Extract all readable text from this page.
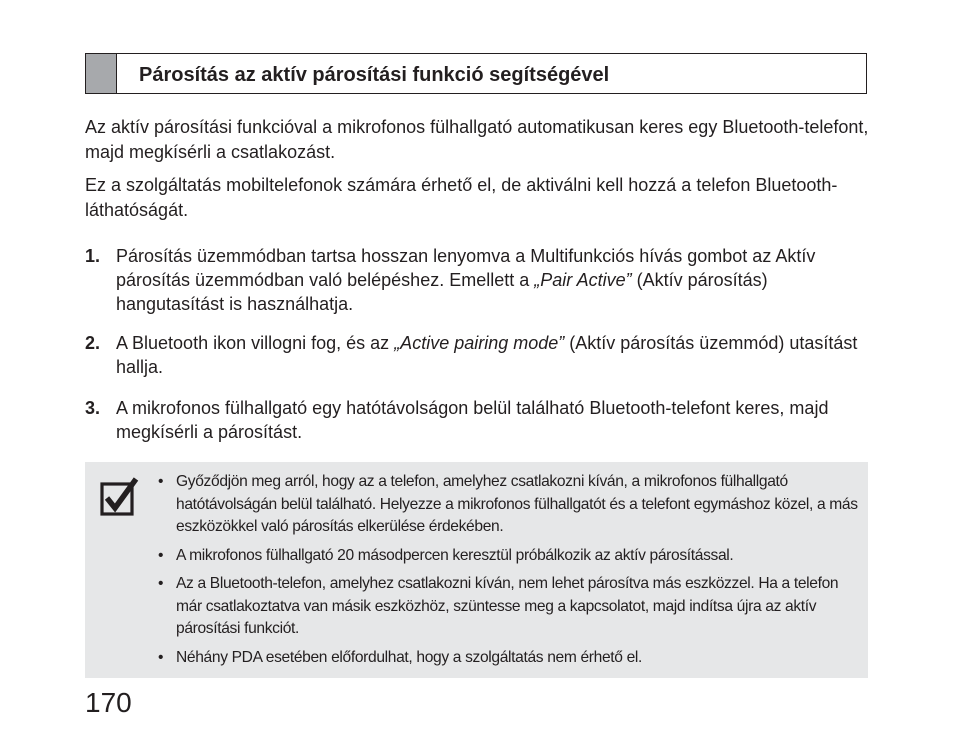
Párosítás az aktív párosítási funkció segítségével

Az aktív párosítási funkcióval a mikrofonos fülhallgató automatikusan keres egy Bluetooth-telefont, majd megkísérli a csatlakozást.

Ez a szolgáltatás mobiltelefonok számára érhető el, de aktiválni kell hozzá a telefon Bluetooth-láthatóságát.

1. Párosítás üzemmódban tartsa hosszan lenyomva a Multifunkciós hívás gombot az Aktív párosítás üzemmódban való belépéshez. Emellett a „Pair Active” (Aktív párosítás) hangutasítást is használhatja.
2. A Bluetooth ikon villogni fog, és az „Active pairing mode” (Aktív párosítás üzemmód) utasítást hallja.
3. A mikrofonos fülhallgató egy hatótávolságon belül található Bluetooth-telefont keres, majd megkísérli a párosítást.
• Győződjön meg arról, hogy az a telefon, amelyhez csatlakozni kíván, a mikrofonos fülhallgató hatótávolságán belül található. Helyezze a mikrofonos fülhallgatót és a telefont egymáshoz közel, a más eszközökkel való párosítás elkerülése érdekében.
• A mikrofonos fülhallgató 20 másodpercen keresztül próbálkozik az aktív párosítással.
• Az a Bluetooth-telefon, amelyhez csatlakozni kíván, nem lehet párosítva más eszközzel. Ha a telefon már csatlakoztatva van másik eszközhöz, szüntesse meg a kapcsolatot, majd indítsa újra az aktív párosítási funkciót.
• Néhány PDA esetében előfordulhat, hogy a szolgáltatás nem érhető el.
170
